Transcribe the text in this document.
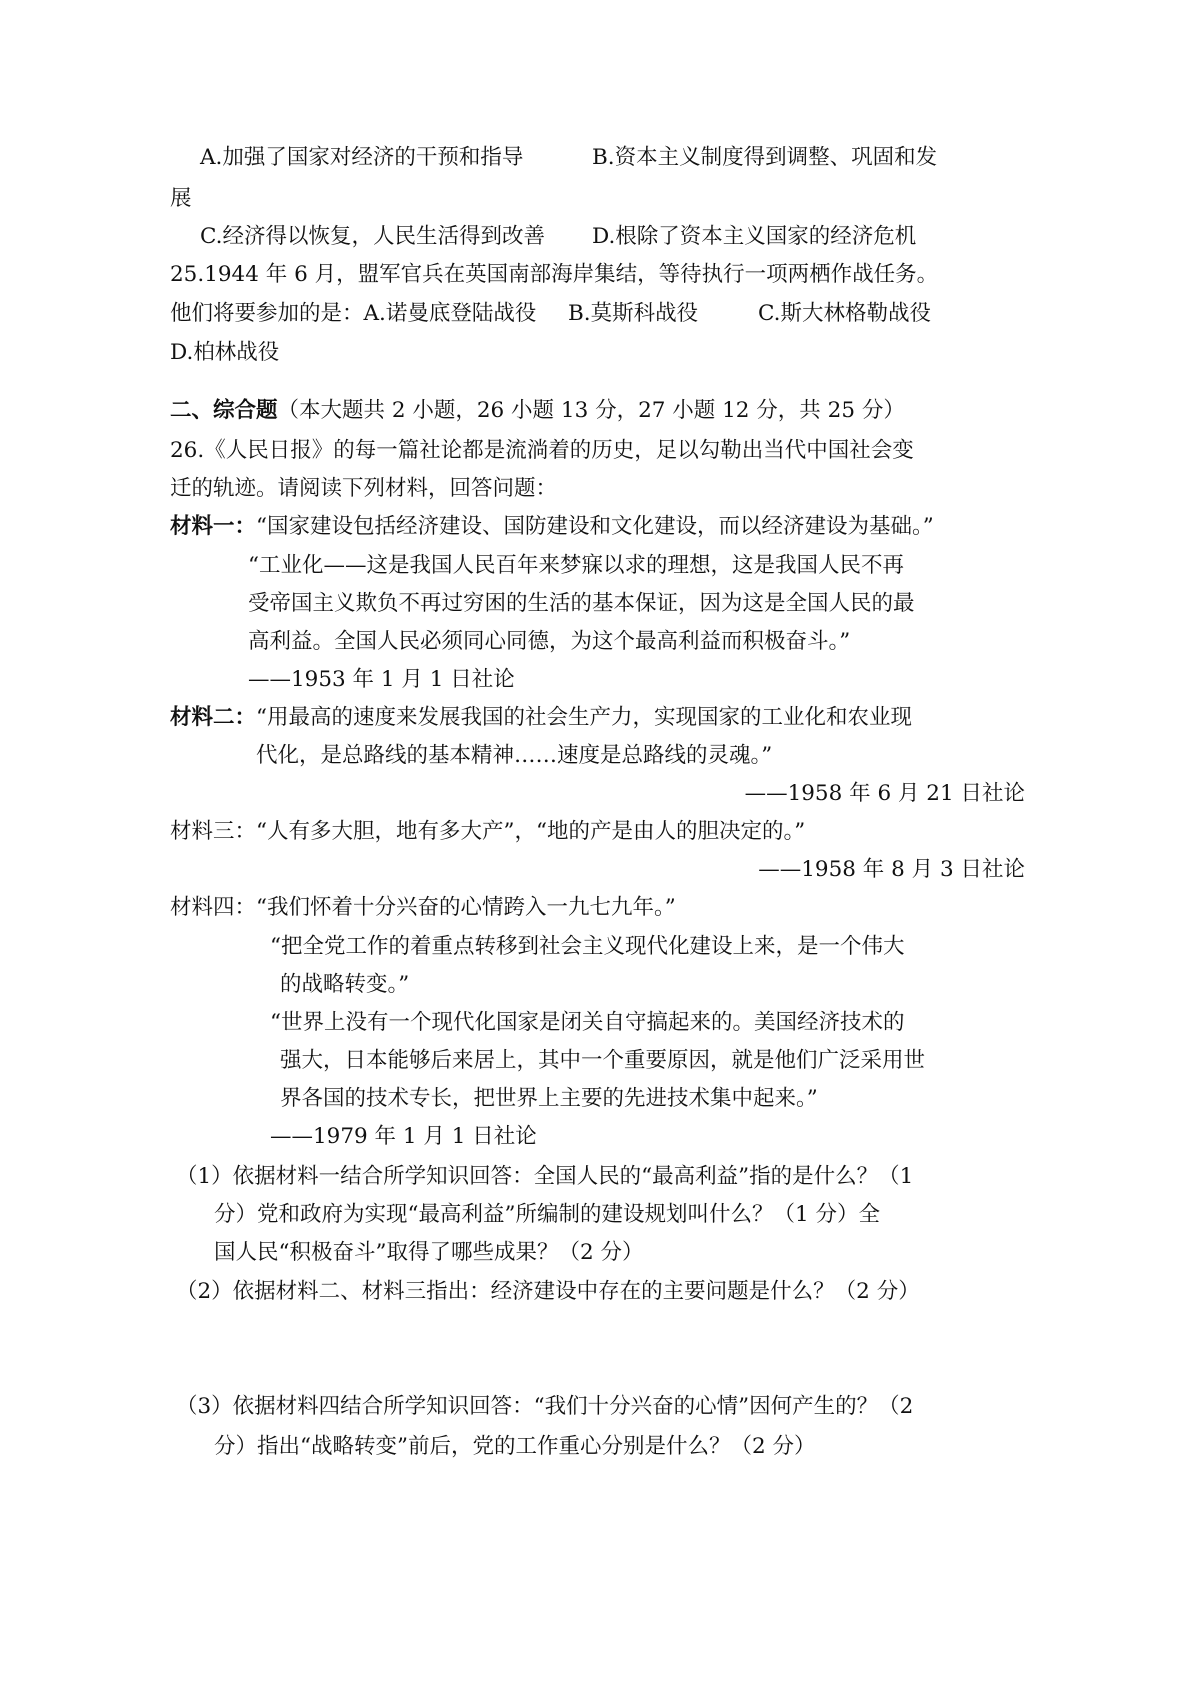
A.加强了国家对经济的干预和指导	B.资本主义制度得到调整、巩固和发
展
C.经济得以恢复，人民生活得到改善 D.根除了资本主义国家的经济危机
25.1944 年 6 月，盟军官兵在英国南部海岸集结，等待执行一项两栖作战任务。
他们将要参加的是：A.诺曼底登陆战役 B.莫斯科战役	C.斯大林格勒战役
D.柏林战役
二、综合题（本大题共 2 小题，26 小题 13 分，27 小题 12 分，共 25 分）
26.《人民日报》的每一篇社论都是流淌着的历史，足以勾勒出当代中国社会变
迁的轨迹。请阅读下列材料，回答问题：
材料一：“国家建设包括经济建设、国防建设和文化建设，而以经济建设为基础。”
“工业化——这是我国人民百年来梦寐以求的理想，这是我国人民不再
受帝国主义欺负不再过穷困的生活的基本保证，因为这是全国人民的最
高利益。全国人民必须同心同德，为这个最高利益而积极奋斗。”
——1953 年 1 月 1 日社论
材料二：“用最高的速度来发展我国的社会生产力，实现国家的工业化和农业现
代化，是总路线的基本精神……速度是总路线的灵魂。”
——1958 年 6 月 21 日社论
材料三：“人有多大胆，地有多大产”，“地的产是由人的胆决定的。”
——1958 年 8 月 3 日社论
材料四：“我们怀着十分兴奋的心情跨入一九七九年。”
“把全党工作的着重点转移到社会主义现代化建设上来，是一个伟大
的战略转变。”
“世界上没有一个现代化国家是闭关自守搞起来的。美国经济技术的
强大，日本能够后来居上，其中一个重要原因，就是他们广泛采用世
界各国的技术专长，把世界上主要的先进技术集中起来。”
——1979 年 1 月 1 日社论
（1）依据材料一结合所学知识回答：全国人民的“最高利益”指的是什么？（1
分）党和政府为实现“最高利益”所编制的建设规划叫什么？（1 分）全
国人民“积极奋斗”取得了哪些成果？（2 分）
（2）依据材料二、材料三指出：经济建设中存在的主要问题是什么？（2 分）
（3）依据材料四结合所学知识回答：“我们十分兴奋的心情”因何产生的？（2
分）指出“战略转变”前后，党的工作重心分别是什么？（2 分）
